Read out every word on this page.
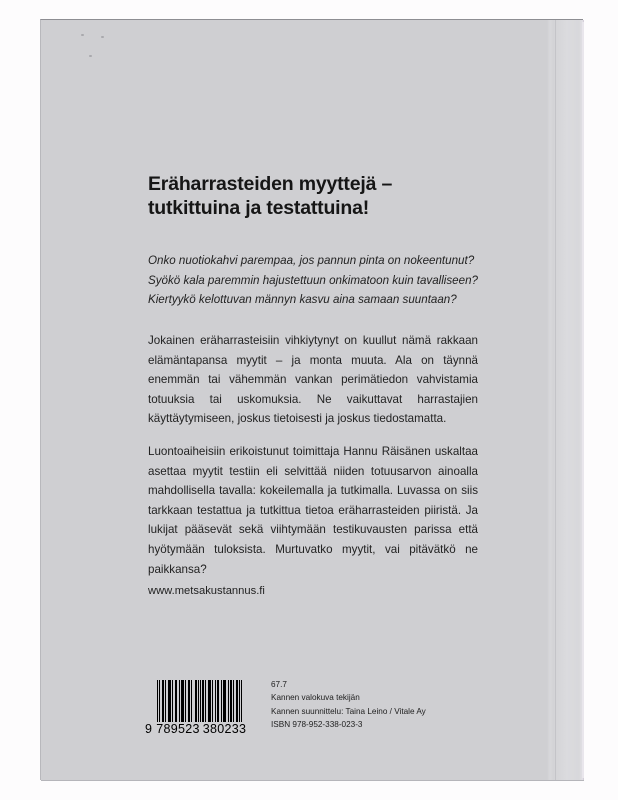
Eräharrasteiden myyttejä –
tutkittuina ja testattuina!
Onko nuotiokahvi parempaa, jos pannun pinta on nokeentunut?
Syökö kala paremmin hajustettuun onkimatoon kuin tavalliseen?
Kiertyykö kelottuvan männyn kasvu aina samaan suuntaan?
Jokainen eräharrasteisiin vihkiytynyt on kuullut nämä rakkaan elämäntapansa myytit – ja monta muuta. Ala on täynnä enemmän tai vähemmän vankan perimätiedon vahvistamia totuuksia tai uskomuksia. Ne vaikuttavat harrastajien käyttäytymiseen, joskus tietoisesti ja joskus tiedostamatta.
Luontoaiheisiin erikoistunut toimittaja Hannu Räisänen uskaltaa asettaa myytit testiin eli selvittää niiden totuusarvon ainoalla mahdollisella tavalla: kokeilemalla ja tutkimalla. Luvassa on siis tarkkaan testattua ja tutkittua tietoa eräharrasteiden piiristä. Ja lukijat pääsevät sekä viihtymään testikuvausten parissa että hyötymään tuloksista. Murtuvatko myytit, vai pitävätkö ne paikkansa?
www.metsakustannus.fi
9 789523 380233
67.7
Kannen valokuva tekijän
Kannen suunnittelu: Taina Leino / Vitale Ay
ISBN 978-952-338-023-3
